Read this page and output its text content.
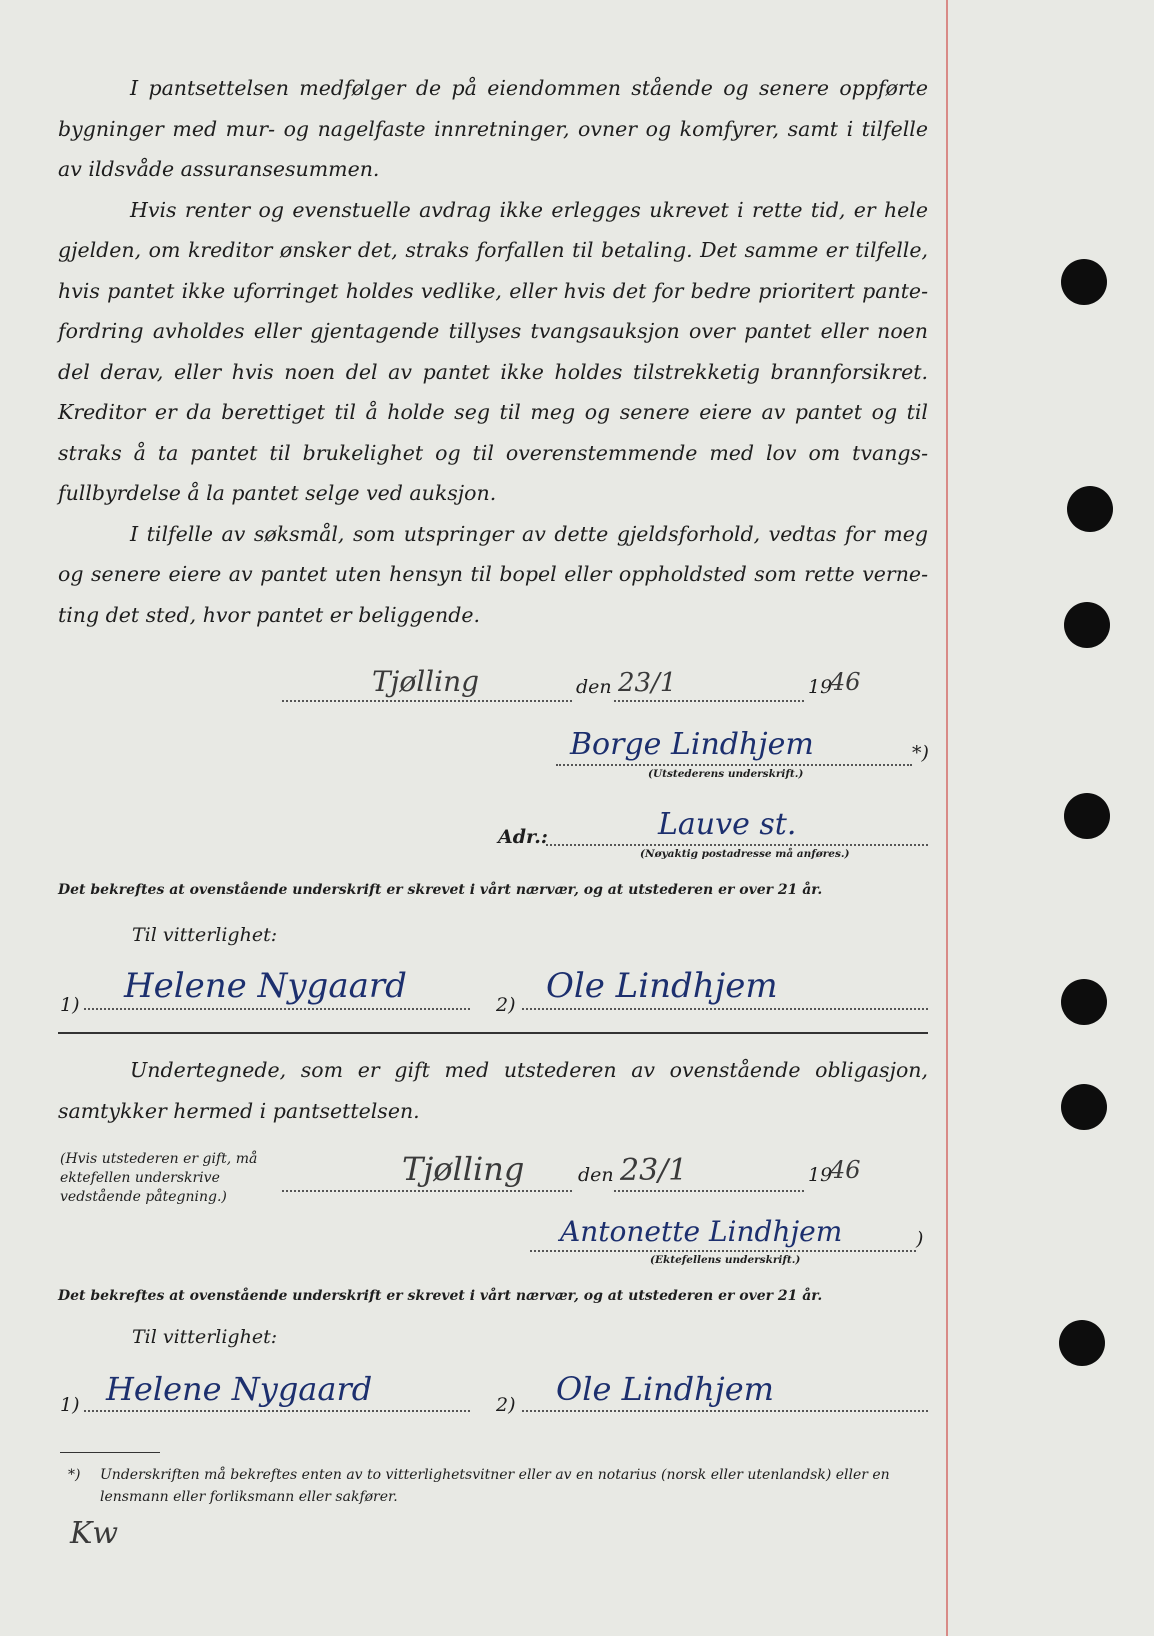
I pantsettelsen medfølger de på eiendommen stående og senere oppførte bygninger med mur- og nagelfaste innretninger, ovner og komfyrer, samt i tilfelle av ildsvåde assuransesummen.

Hvis renter og evenstuelle avdrag ikke erlegges ukrevet i rette tid, er hele gjelden, om kreditor ønsker det, straks forfallen til betaling. Det samme er tilfelle, hvis pantet ikke uforringet holdes vedlike, eller hvis det for bedre prioritert pante- fordring avholdes eller gjentagende tillyses tvangsauksjon over pantet eller noen del derav, eller hvis noen del av pantet ikke holdes tilstrekketig brannforsikret. Kreditor er da berettiget til å holde seg til meg og senere eiere av pantet og til straks å ta pantet til brukelighet og til overenstemmende med lov om tvangs- fullbyrdelse å la pantet selge ved auksjon.

I tilfelle av søksmål, som utspringer av dette gjeldsforhold, vedtas for meg og senere eiere av pantet uten hensyn til bopel eller oppholdsted som rette verne- ting det sted, hvor pantet er beliggende.

Tjølling	den 23/1	19
46
Borge Lindhjem	*)
(Utstederens underskrift.)
Adr.:	Lauve st.
(Nøyaktig postadresse må anføres.)
Det bekreftes at ovenstående underskrift er skrevet i vårt nærvær, og at utstederen er over 21 år.
Til vitterlighet:
1) Helene Nygaard	2) Ole Lindhjem

Undertegnede, som er gift med utstederen av ovenstående obligasjon, samtykker hermed i pantsettelsen.

(Hvis utstederen er gift, må ektefellen underskrive vedstående påtegning.)
Tjølling	den 23/1	19
46
Antonette Lindhjem	)
(Ektefellens underskrift.)
Det bekreftes at ovenstående underskrift er skrevet i vårt nærvær, og at utstederen er over 21 år.
Til vitterlighet:
1) Helene Nygaard	2) Ole Lindhjem
*) Underskriften må bekreftes enten av to vitterlighetsvitner eller av en notarius (norsk eller utenlandsk) eller en lensmann eller forliksmann eller sakfører.
Kw
